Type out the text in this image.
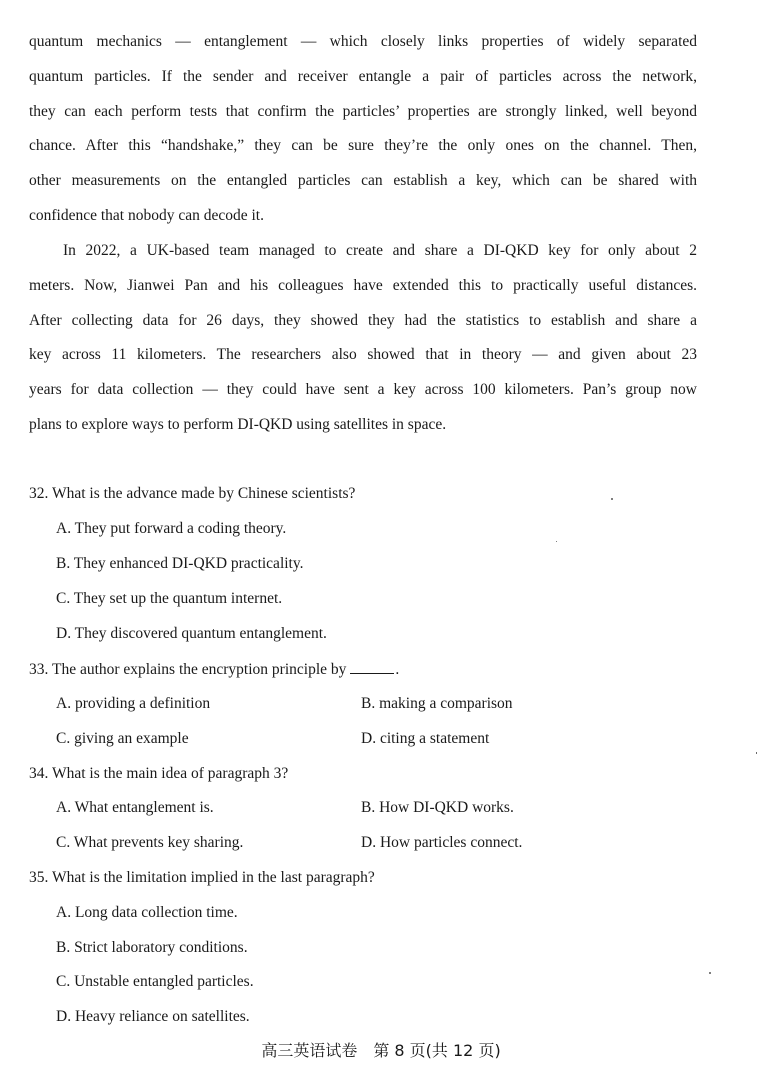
quantum mechanics — entanglement — which closely links properties of widely separated
quantum particles. If the sender and receiver entangle a pair of particles across the network,
they can each perform tests that confirm the particles’ properties are strongly linked, well beyond
chance. After this “handshake,” they can be sure they’re the only ones on the channel. Then,
other measurements on the entangled particles can establish a key, which can be shared with
confidence that nobody can decode it.
In 2022, a UK-based team managed to create and share a DI-QKD key for only about 2
meters. Now, Jianwei Pan and his colleagues have extended this to practically useful distances.
After collecting data for 26 days, they showed they had the statistics to establish and share a
key across 11 kilometers. The researchers also showed that in theory — and given about 23
years for data collection — they could have sent a key across 100 kilometers. Pan’s group now
plans to explore ways to perform DI-QKD using satellites in space.
32. What is the advance made by Chinese scientists?
A. They put forward a coding theory.
B. They enhanced DI-QKD practicality.
C. They set up the quantum internet.
D. They discovered quantum entanglement.
33. The author explains the encryption principle by	.
A. providing a definition	B. making a comparison
C. giving an example	D. citing a statement
34. What is the main idea of paragraph 3?
A. What entanglement is.	B. How DI-QKD works.
C. What prevents key sharing.	D. How particles connect.
35. What is the limitation implied in the last paragraph?
A. Long data collection time.
B. Strict laboratory conditions.
C. Unstable entangled particles.
D. Heavy reliance on satellites.
高三英语试卷　第 8 页(共 12 页)
